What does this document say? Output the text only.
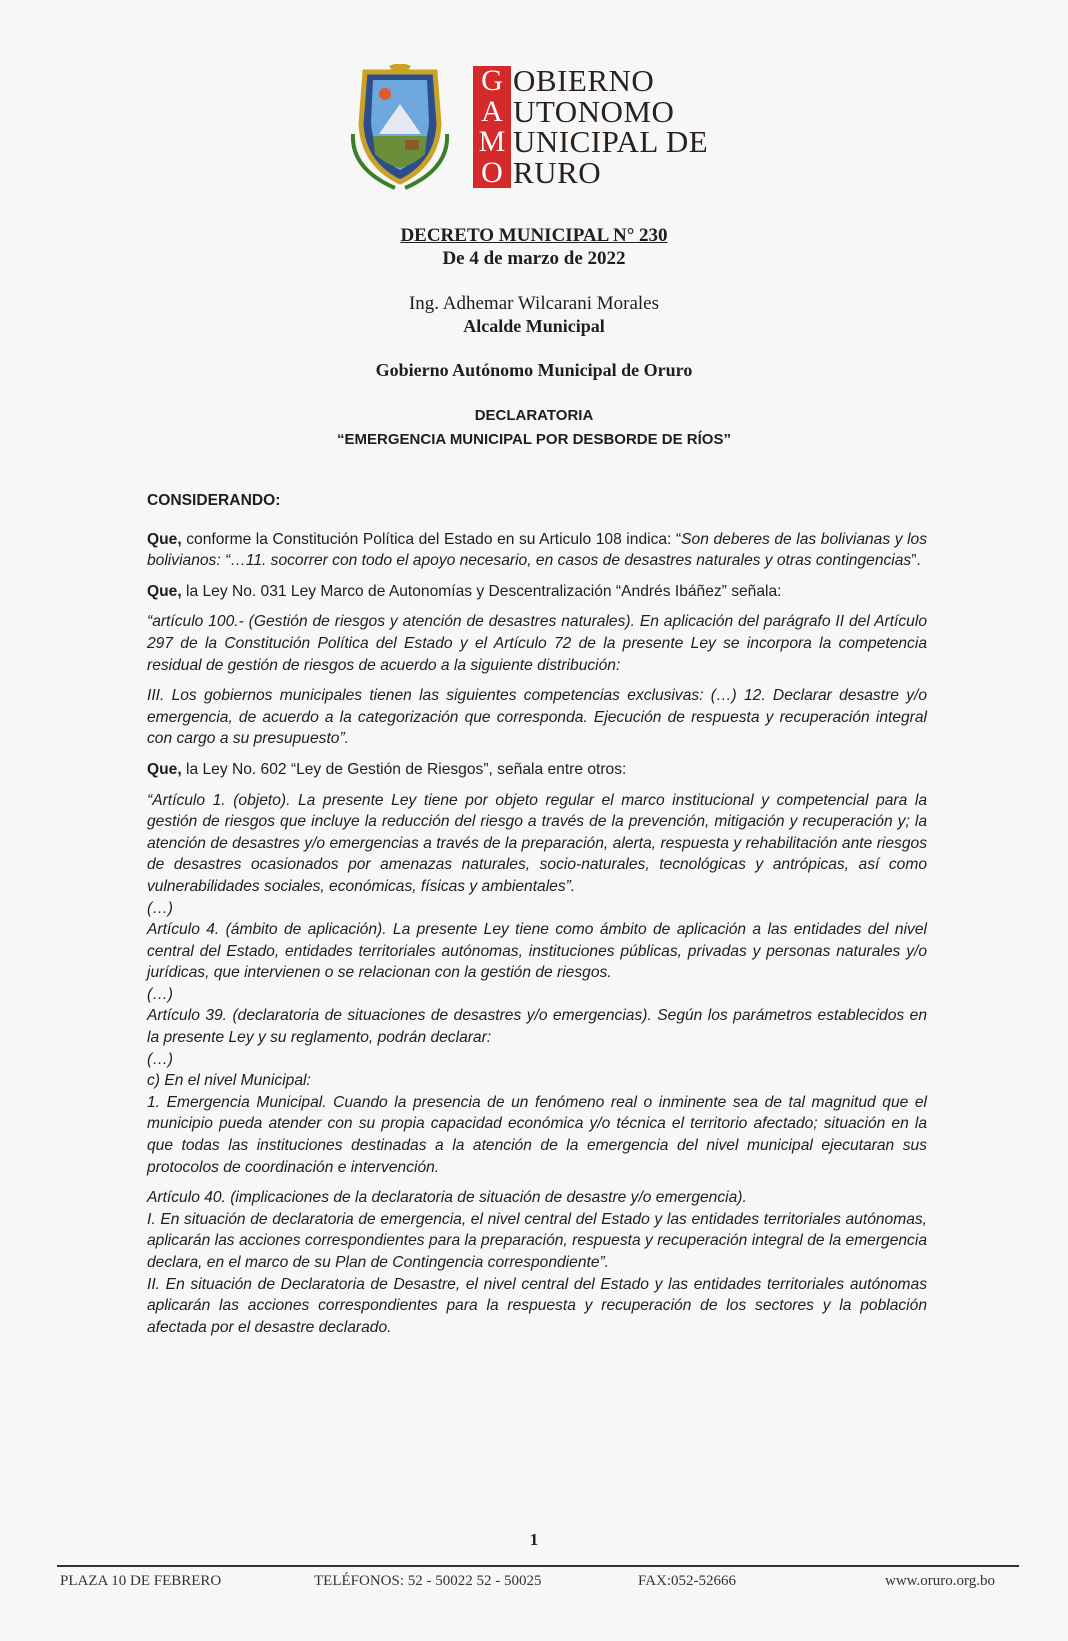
G
A
M
O
OBIERNO
UTONOMO
UNICIPAL DE
RURO
DECRETO MUNICIPAL N° 230
De 4 de marzo de 2022
Ing. Adhemar Wilcarani Morales
Alcalde Municipal
Gobierno Autónomo Municipal de Oruro
DECLARATORIA
“EMERGENCIA MUNICIPAL POR DESBORDE DE RÍOS”

CONSIDERANDO:

Que, conforme la Constitución Política del Estado en su Articulo 108 indica: “Son deberes de las bolivianas y los bolivianos: “…11. socorrer con todo el apoyo necesario, en casos de desastres naturales y otras contingencias”.

Que, la Ley No. 031 Ley Marco de Autonomías y Descentralización “Andrés Ibáñez” señala:

“artículo 100.- (Gestión de riesgos y atención de desastres naturales). En aplicación del parágrafo II del Artículo 297 de la Constitución Política del Estado y el Artículo 72 de la presente Ley se incorpora la competencia residual de gestión de riesgos de acuerdo a la siguiente distribución:

III. Los gobiernos municipales tienen las siguientes competencias exclusivas: (…) 12. Declarar desastre y/o emergencia, de acuerdo a la categorización que corresponda. Ejecución de respuesta y recuperación integral con cargo a su presupuesto”.

Que, la Ley No. 602 “Ley de Gestión de Riesgos”, señala entre otros:

“Artículo 1. (objeto). La presente Ley tiene por objeto regular el marco institucional y competencial para la gestión de riesgos que incluye la reducción del riesgo a través de la prevención, mitigación y recuperación y; la atención de desastres y/o emergencias a través de la preparación, alerta, respuesta y rehabilitación ante riesgos de desastres ocasionados por amenazas naturales, socio-naturales, tecnológicas y antrópicas, así como vulnerabilidades sociales, económicas, físicas y ambientales”.

(…)

Artículo 4. (ámbito de aplicación). La presente Ley tiene como ámbito de aplicación a las entidades del nivel central del Estado, entidades territoriales autónomas, instituciones públicas, privadas y personas naturales y/o jurídicas, que intervienen o se relacionan con la gestión de riesgos.

(…)

Artículo 39. (declaratoria de situaciones de desastres y/o emergencias). Según los parámetros establecidos en la presente Ley y su reglamento, podrán declarar:

(…)

c) En el nivel Municipal:

1. Emergencia Municipal. Cuando la presencia de un fenómeno real o inminente sea de tal magnitud que el municipio pueda atender con su propia capacidad económica y/o técnica el territorio afectado; situación en la que todas las instituciones destinadas a la atención de la emergencia del nivel municipal ejecutaran sus protocolos de coordinación e intervención.

Artículo 40. (implicaciones de la declaratoria de situación de desastre y/o emergencia).

I. En situación de declaratoria de emergencia, el nivel central del Estado y las entidades territoriales autónomas, aplicarán las acciones correspondientes para la preparación, respuesta y recuperación integral de la emergencia declara, en el marco de su Plan de Contingencia correspondiente”.

II. En situación de Declaratoria de Desastre, el nivel central del Estado y las entidades territoriales autónomas aplicarán las acciones correspondientes para la respuesta y recuperación de los sectores y la población afectada por el desastre declarado.

1
PLAZA 10 DE FEBRERO	TELÉFONOS: 52 - 50022 52 - 50025	FAX:052-52666	www.oruro.org.bo
